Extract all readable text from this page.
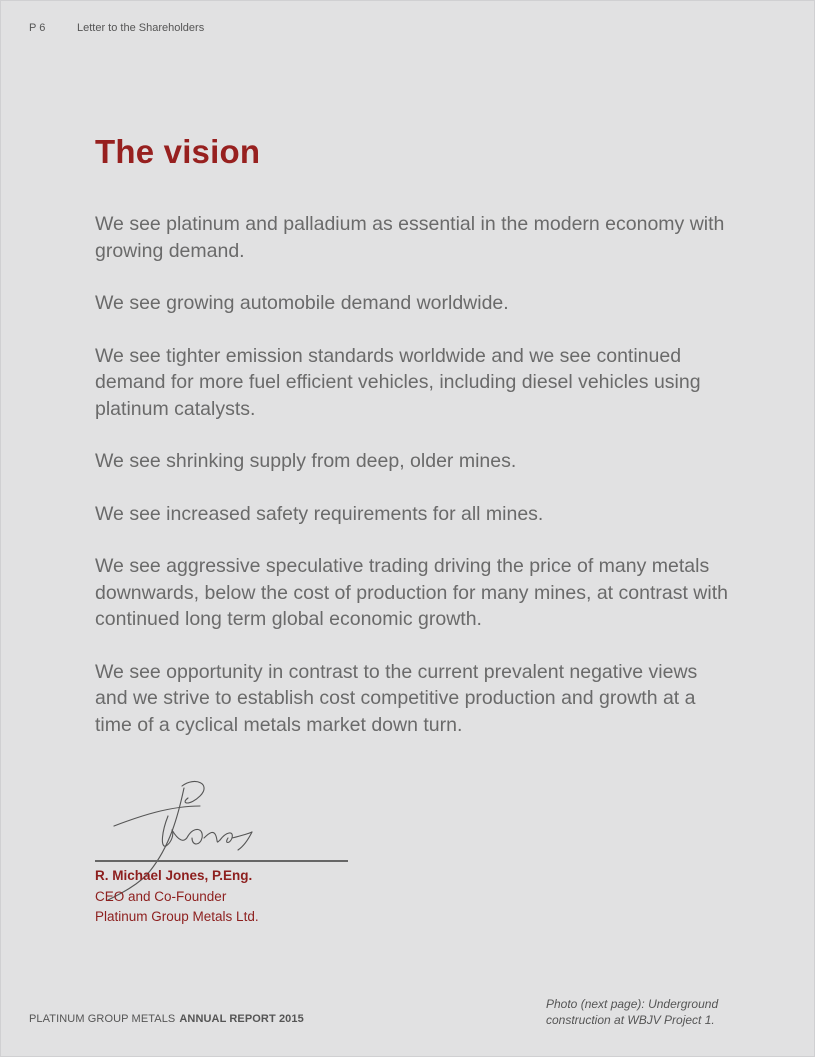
P 6	Letter to the Shareholders
The vision

We see platinum and palladium as essential in the modern economy with growing demand.

We see growing automobile demand worldwide.

We see tighter emission standards worldwide and we see continued demand for more fuel efficient vehicles, including diesel vehicles using platinum catalysts.

We see shrinking supply from deep, older mines.

We see increased safety requirements for all mines.

We see aggressive speculative trading driving the price of many metals downwards, below the cost of production for many mines, at contrast with continued long term global economic growth.

We see opportunity in contrast to the current prevalent negative views and we strive to establish cost competitive production and growth at a time of a cyclical metals market down turn.

R. Michael Jones, P.Eng.
CEO and Co-Founder
Platinum Group Metals Ltd.
PLATINUM GROUP METALS ANNUAL REPORT 2015
Photo (next page): Underground
construction at WBJV Project 1.
